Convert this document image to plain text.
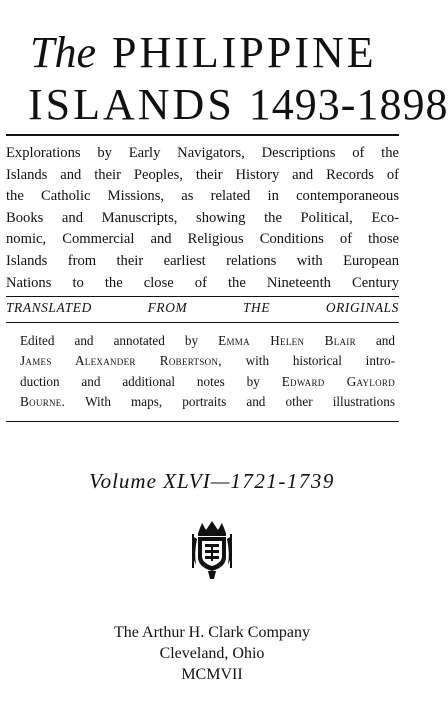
The PHILIPPINE
ISLANDS 1493-1898
Explorations by Early Navigators, Descriptions of the
Islands and their Peoples, their History and Records of
the Catholic Missions, as related in contemporaneous
Books and Manuscripts, showing the Political, Eco-
nomic, Commercial and Religious Conditions of those
Islands from their earliest relations with European
Nations to the close of the Nineteenth Century
TRANSLATED	FROM	THE	ORIGINALS
Edited and annotated by Emma Helen Blair and
James Alexander Robertson, with historical intro-
duction and additional notes by Edward Gaylord
Bourne. With maps, portraits and other illustrations
Volume XLVI—1721-1739
The Arthur H. Clark Company
Cleveland, Ohio
MCMVII
